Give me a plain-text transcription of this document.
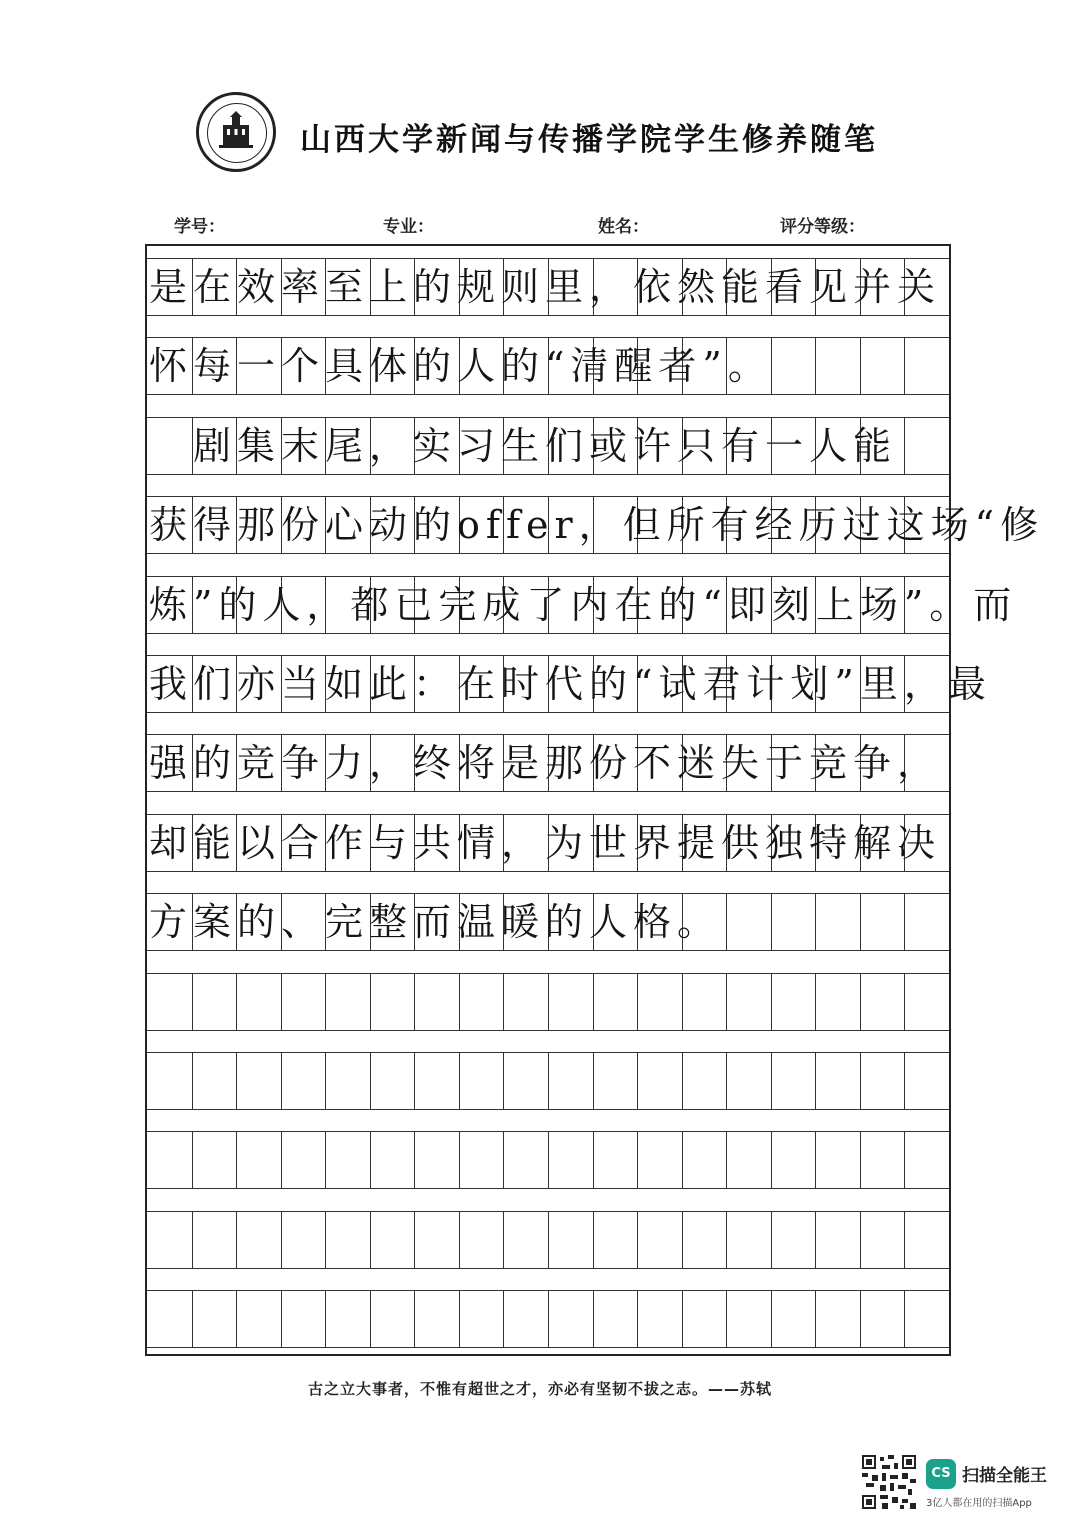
山西大学新闻与传播学院学生修养随笔
学号：	专业：	姓名：	评分等级：
是在效率至上的规则里，依然能看见并关
怀每一个具体的人的“清醒者”。
　剧集末尾，实习生们或许只有一人能
获得那份心动的offer，但所有经历过这场“修
炼”的人，都已完成了内在的“即刻上场”。而
我们亦当如此：在时代的“试君计划”里，最
强的竞争力，终将是那份不迷失于竞争，
却能以合作与共情，为世界提供独特解决
方案的、完整而温暖的人格。
古之立大事者，不惟有超世之才，亦必有坚韧不拔之志。——苏轼
CS 扫描全能王
3亿人都在用的扫描App
